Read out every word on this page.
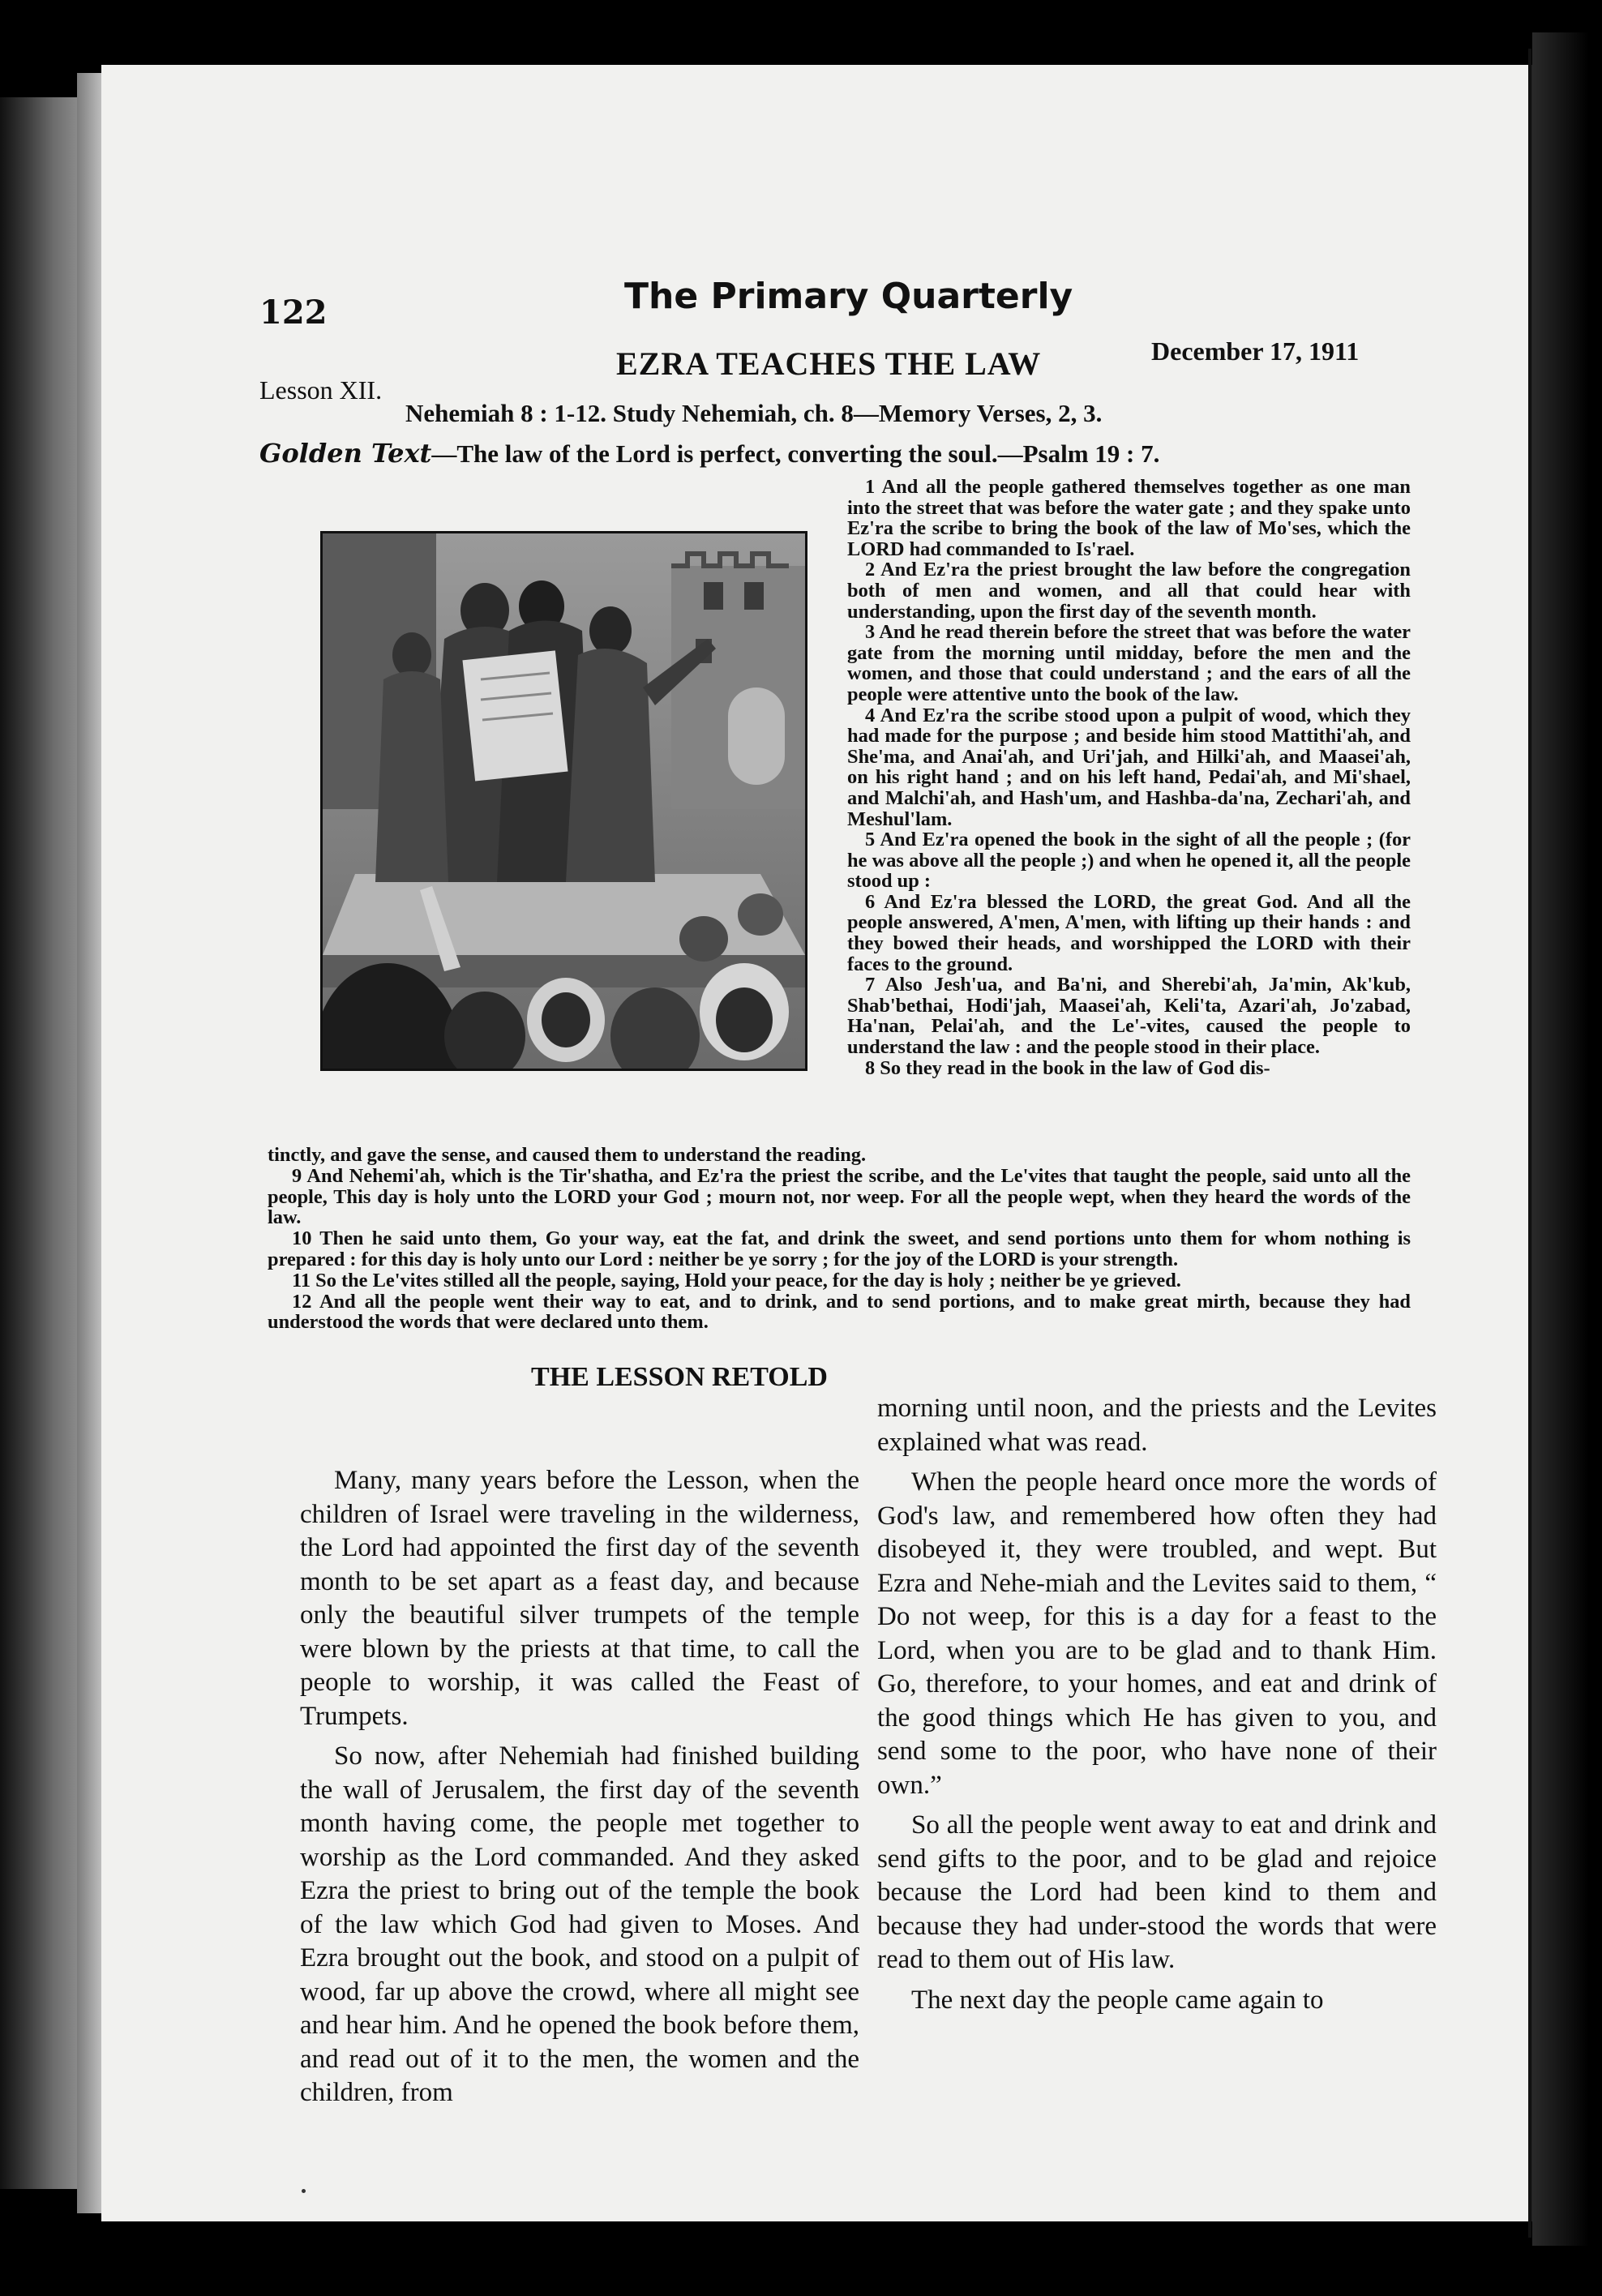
122	The Primary Quarterly
Lesson XII.
EZRA TEACHES THE LAW	December 17, 1911
Nehemiah 8 : 1-12. Study Nehemiah, ch. 8—Memory Verses, 2, 3.
Golden Text—The law of the Lord is perfect, converting the soul.—Psalm 19 : 7.

1 And all the people gathered themselves together as one man into the street that was before the water gate ; and they spake unto Ez'ra the scribe to bring the book of the law of Mo'ses, which the LORD had commanded to Is'rael.

2 And Ez'ra the priest brought the law before the congregation both of men and women, and all that could hear with understanding, upon the first day of the seventh month.

3 And he read therein before the street that was before the water gate from the morning until midday, before the men and the women, and those that could understand ; and the ears of all the people were attentive unto the book of the law.

4 And Ez'ra the scribe stood upon a pulpit of wood, which they had made for the purpose ; and beside him stood Mattithi'ah, and She'ma, and Anai'ah, and Uri'jah, and Hilki'ah, and Maasei'ah, on his right hand ; and on his left hand, Pedai'ah, and Mi'shael, and Malchi'ah, and Hash'um, and Hashba-da'na, Zechari'ah, and Meshul'lam.

5 And Ez'ra opened the book in the sight of all the people ; (for he was above all the people ;) and when he opened it, all the people stood up :

6 And Ez'ra blessed the LORD, the great God. And all the people answered, A'men, A'men, with lifting up their hands : and they bowed their heads, and worshipped the LORD with their faces to the ground.

7 Also Jesh'ua, and Ba'ni, and Sherebi'ah, Ja'min, Ak'kub, Shab'bethai, Hodi'jah, Maasei'ah, Keli'ta, Azari'ah, Jo'zabad, Ha'nan, Pelai'ah, and the Le'-vites, caused the people to understand the law : and the people stood in their place.

8 So they read in the book in the law of God dis-

tinctly, and gave the sense, and caused them to understand the reading.

9 And Nehemi'ah, which is the Tir'shatha, and Ez'ra the priest the scribe, and the Le'vites that taught the people, said unto all the people, This day is holy unto the LORD your God ; mourn not, nor weep. For all the people wept, when they heard the words of the law.

10 Then he said unto them, Go your way, eat the fat, and drink the sweet, and send portions unto them for whom nothing is prepared : for this day is holy unto our Lord : neither be ye sorry ; for the joy of the LORD is your strength.

11 So the Le'vites stilled all the people, saying, Hold your peace, for the day is holy ; neither be ye grieved.

12 And all the people went their way to eat, and to drink, and to send portions, and to make great mirth, because they had understood the words that were declared unto them.

THE LESSON RETOLD

Many, many years before the Lesson, when the children of Israel were traveling in the wilderness, the Lord had appointed the first day of the seventh month to be set apart as a feast day, and because only the beautiful silver trumpets of the temple were blown by the priests at that time, to call the people to worship, it was called the Feast of Trumpets.

So now, after Nehemiah had finished building the wall of Jerusalem, the first day of the seventh month having come, the people met together to worship as the Lord commanded. And they asked Ezra the priest to bring out of the temple the book of the law which God had given to Moses. And Ezra brought out the book, and stood on a pulpit of wood, far up above the crowd, where all might see and hear him. And he opened the book before them, and read out of it to the men, the women and the children, from

morning until noon, and the priests and the Levites explained what was read.

When the people heard once more the words of God's law, and remembered how often they had disobeyed it, they were troubled, and wept. But Ezra and Nehe-miah and the Levites said to them, “ Do not weep, for this is a day for a feast to the Lord, when you are to be glad and to thank Him. Go, therefore, to your homes, and eat and drink of the good things which He has given to you, and send some to the poor, who have none of their own.”

So all the people went away to eat and drink and send gifts to the poor, and to be glad and rejoice because the Lord had been kind to them and because they had under-stood the words that were read to them out of His law.

The next day the people came again to
